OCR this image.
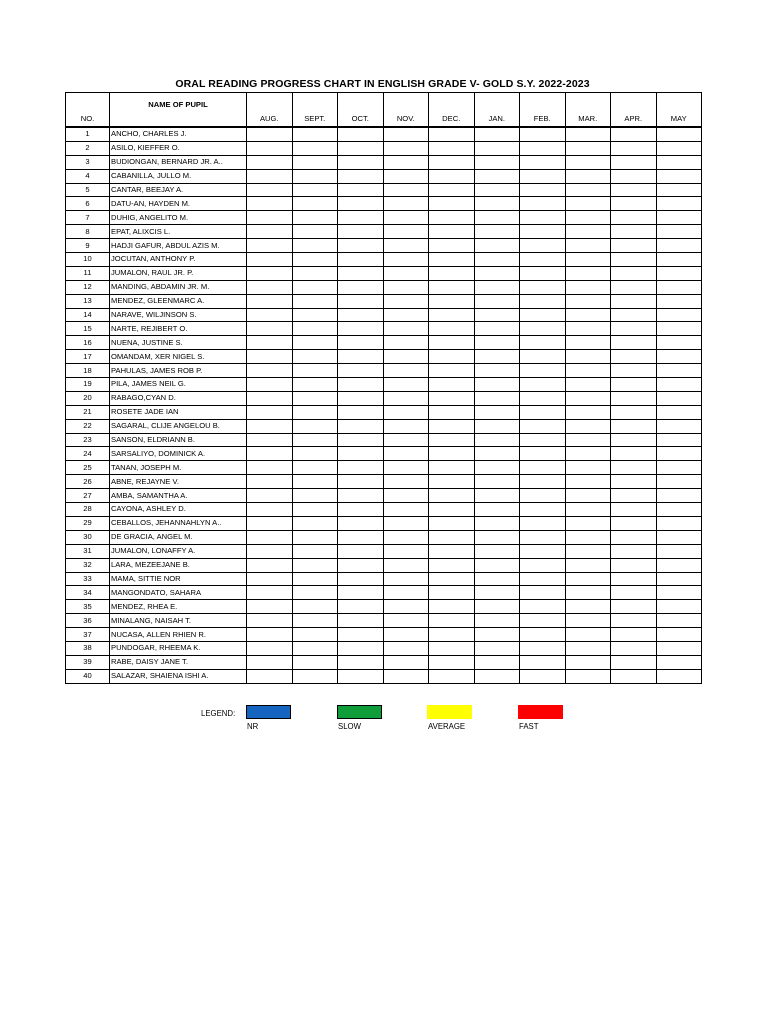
ORAL READING PROGRESS CHART IN ENGLISH GRADE V- GOLD S.Y. 2022-2023
NO.	NAME OF PUPIL	AUG.	SEPT.	OCT.	NOV.	DEC.	JAN.	FEB.	MAR.	APR.	MAY
1	ANCHO, CHARLES J.										
2	ASILO, KIEFFER O.										
3	BUDIONGAN, BERNARD JR. A..										
4	CABANILLA, JULLO M.										
5	CANTAR, BEEJAY A.										
6	DATU-AN, HAYDEN M.										
7	DUHIG, ANGELITO M.										
8	EPAT, ALIXCIS L.										
9	HADJI GAFUR, ABDUL AZIS M.										
10	JOCUTAN, ANTHONY P.										
11	JUMALON, RAUL JR. P.										
12	MANDING, ABDAMIN JR. M.										
13	MENDEZ, GLEENMARC A.										
14	NARAVE, WILJINSON S.										
15	NARTE, REJIBERT O.										
16	NUENA, JUSTINE S.										
17	OMANDAM, XER NIGEL S.										
18	PAHULAS, JAMES ROB P.										
19	PILA, JAMES NEIL G.										
20	RABAGO,CYAN D.										
21	ROSETE JADE IAN										
22	SAGARAL, CLIJE ANGELOU B.										
23	SANSON, ELDRIANN B.										
24	SARSALIYO, DOMINICK A.										
25	TANAN, JOSEPH M.										
26	ABNE, REJAYNE V.										
27	AMBA, SAMANTHA A.										
28	CAYONA, ASHLEY D.										
29	CEBALLOS, JEHANNAHLYN A..										
30	DE GRACIA, ANGEL M.										
31	JUMALON, LONAFFY A.										
32	LARA, MEZEEJANE B.										
33	MAMA, SITTIE NOR										
34	MANGONDATO, SAHARA										
35	MENDEZ, RHEA E.										
36	MINALANG, NAISAH T.										
37	NUCASA, ALLEN RHIEN R.										
38	PUNDOGAR, RHEEMA K.										
39	RABE, DAISY JANE T.										
40	SALAZAR, SHAIENA ISHI A.										
LEGEND:
NR	SLOW	AVERAGE	FAST
